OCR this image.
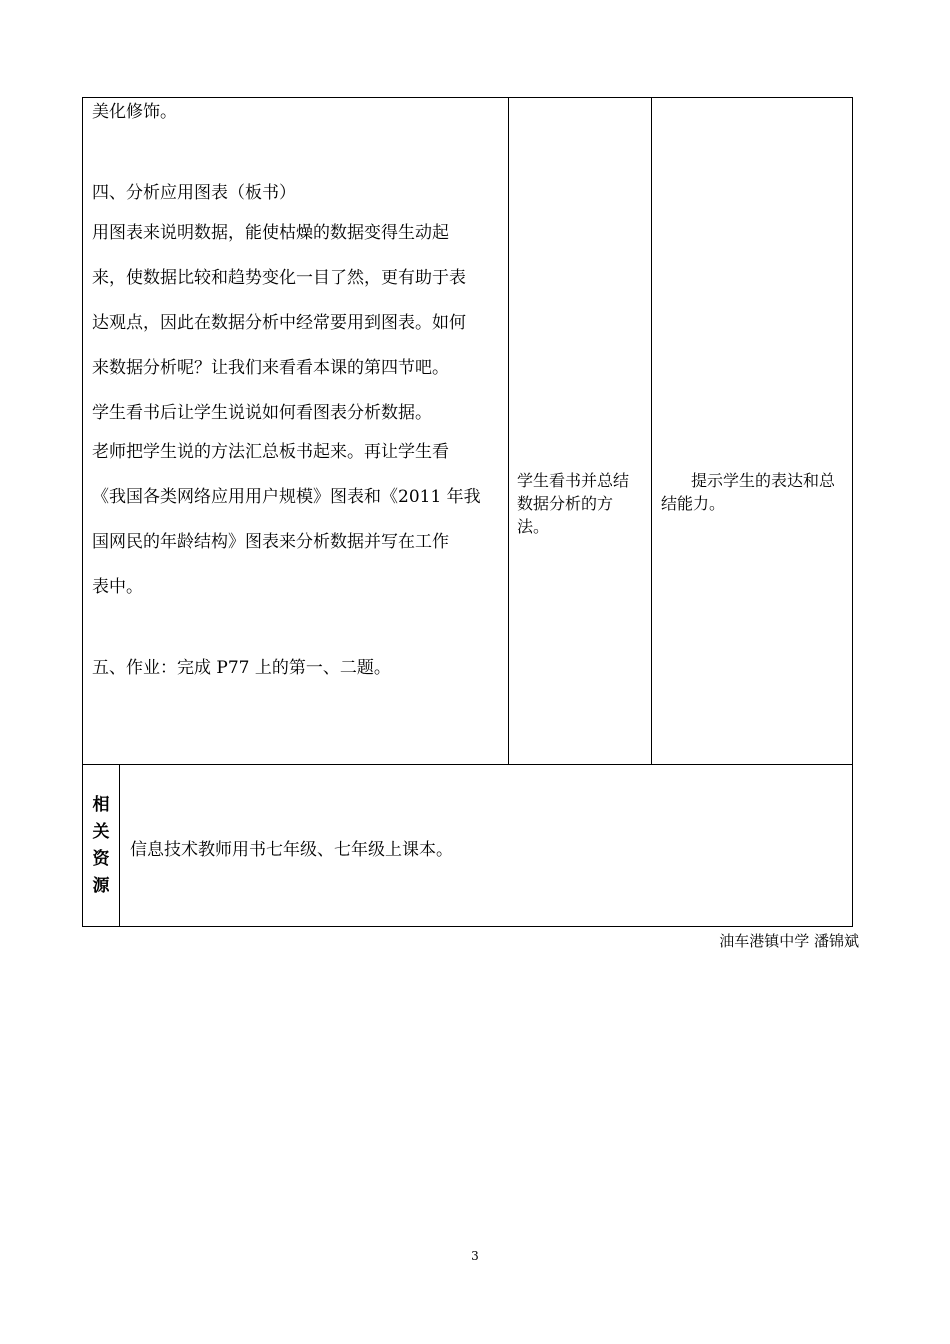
美化修饰。
四、分析应用图表（板书）
用图表来说明数据，能使枯燥的数据变得生动起
来，使数据比较和趋势变化一目了然，更有助于表
达观点，因此在数据分析中经常要用到图表。如何
来数据分析呢？让我们来看看本课的第四节吧。
学生看书后让学生说说如何看图表分析数据。
老师把学生说的方法汇总板书起来。再让学生看
《我国各类网络应用用户规模》图表和《2011 年我
国网民的年龄结构》图表来分析数据并写在工作
表中。
五、作业：完成 P77 上的第一、二题。
学生看书并总结数据分析的方法。
提示学生的表达和总结能力。
相关资源
信息技术教师用书七年级、七年级上课本。
油车港镇中学 潘锦斌
3
